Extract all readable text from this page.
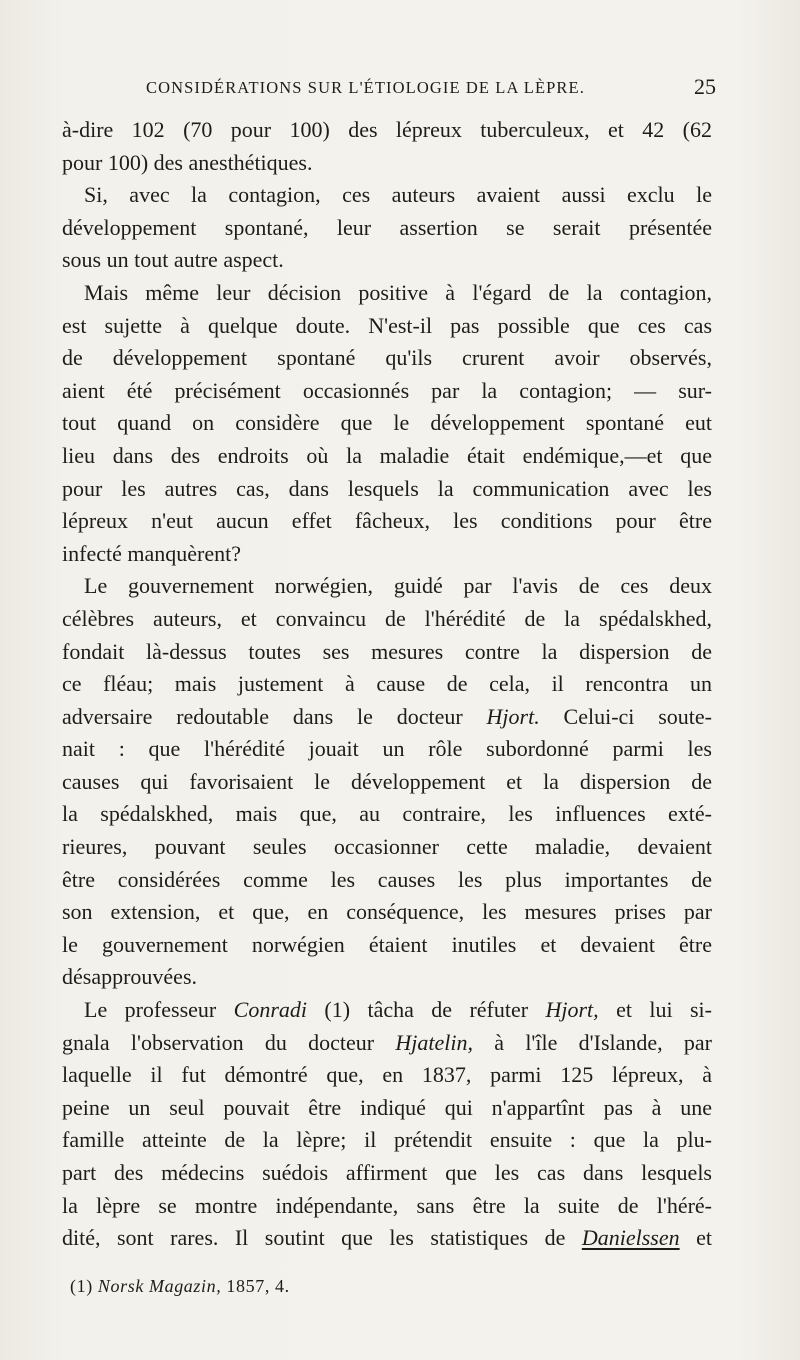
CONSIDÉRATIONS SUR L'ÉTIOLOGIE DE LA LÈPRE.	25
à-dire 102 (70 pour 100) des lépreux tuberculeux, et 42 (62
pour 100) des anesthétiques.
Si, avec la contagion, ces auteurs avaient aussi exclu le
développement spontané, leur assertion se serait présentée
sous un tout autre aspect.
Mais même leur décision positive à l'égard de la contagion,
est sujette à quelque doute. N'est-il pas possible que ces cas
de développement spontané qu'ils crurent avoir observés,
aient été précisément occasionnés par la contagion; — sur-
tout quand on considère que le développement spontané eut
lieu dans des endroits où la maladie était endémique,—et que
pour les autres cas, dans lesquels la communication avec les
lépreux n'eut aucun effet fâcheux, les conditions pour être
infecté manquèrent?
Le gouvernement norwégien, guidé par l'avis de ces deux
célèbres auteurs, et convaincu de l'hérédité de la spédalskhed,
fondait là-dessus toutes ses mesures contre la dispersion de
ce fléau; mais justement à cause de cela, il rencontra un
adversaire redoutable dans le docteur Hjort. Celui-ci soute-
nait : que l'hérédité jouait un rôle subordonné parmi les
causes qui favorisaient le développement et la dispersion de
la spédalskhed, mais que, au contraire, les influences exté-
rieures, pouvant seules occasionner cette maladie, devaient
être considérées comme les causes les plus importantes de
son extension, et que, en conséquence, les mesures prises par
le gouvernement norwégien étaient inutiles et devaient être
désapprouvées.
Le professeur Conradi (1) tâcha de réfuter Hjort, et lui si-
gnala l'observation du docteur Hjatelin, à l'île d'Islande, par
laquelle il fut démontré que, en 1837, parmi 125 lépreux, à
peine un seul pouvait être indiqué qui n'appartînt pas à une
famille atteinte de la lèpre; il prétendit ensuite : que la plu-
part des médecins suédois affirment que les cas dans lesquels
la lèpre se montre indépendante, sans être la suite de l'héré-
dité, sont rares. Il soutint que les statistiques de Danielssen et
(1) Norsk Magazin, 1857, 4.
